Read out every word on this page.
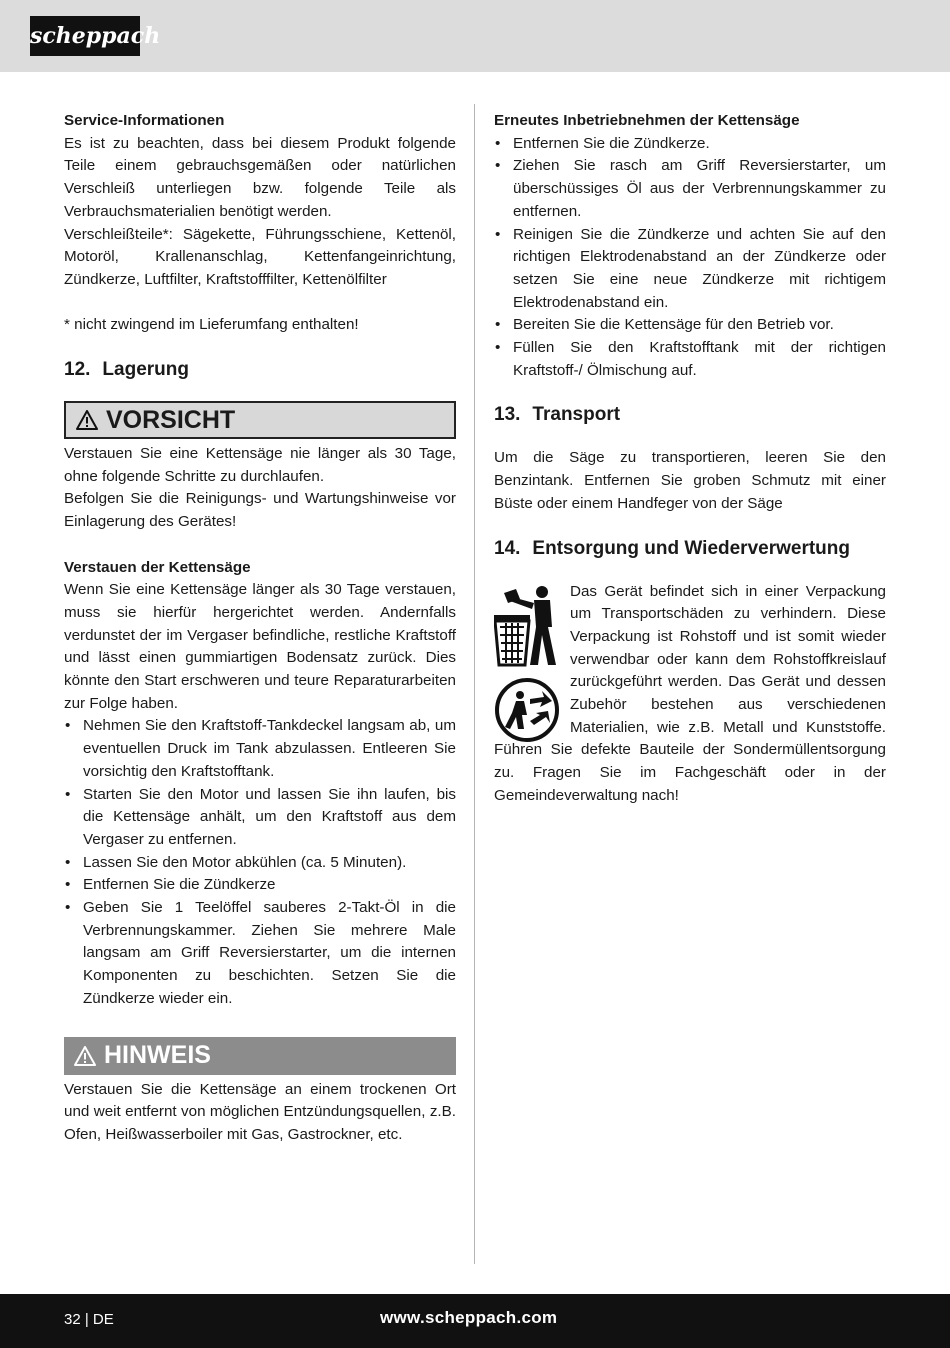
scheppach

Service-Informationen

Es ist zu beachten, dass bei diesem Produkt folgende Teile einem gebrauchsgemäßen oder natürlichen Verschleiß unterliegen bzw. folgende Teile als Verbrauchsmaterialien benötigt werden.

Verschleißteile*: Sägekette, Führungsschiene, Kettenöl, Motoröl, Krallenanschlag, Kettenfangeinrichtung, Zündkerze, Luftfilter, Kraftstofffilter, Kettenölfilter

* nicht zwingend im Lieferumfang enthalten!

12. Lagerung
VORSICHT

Verstauen Sie eine Kettensäge nie länger als 30 Tage, ohne folgende Schritte zu durchlaufen.

Befolgen Sie die Reinigungs- und Wartungshinweise vor Einlagerung des Gerätes!

Verstauen der Kettensäge

Wenn Sie eine Kettensäge länger als 30 Tage verstauen, muss sie hierfür hergerichtet werden. Andernfalls verdunstet der im Vergaser befindliche, restliche Kraftstoff und lässt einen gummiartigen Bodensatz zurück. Dies könnte den Start erschweren und teure Reparaturarbeiten zur Folge haben.

• Nehmen Sie den Kraftstoff-Tankdeckel langsam ab, um eventuellen Druck im Tank abzulassen. Entleeren Sie vorsichtig den Kraftstofftank.
• Starten Sie den Motor und lassen Sie ihn laufen, bis die Kettensäge anhält, um den Kraftstoff aus dem Vergaser zu entfernen.
• Lassen Sie den Motor abkühlen (ca. 5 Minuten).
• Entfernen Sie die Zündkerze
• Geben Sie 1 Teelöffel sauberes 2-Takt-Öl in die Verbrennungskammer. Ziehen Sie mehrere Male langsam am Griff Reversierstarter, um die internen Komponenten zu beschichten. Setzen Sie die Zündkerze wieder ein.
HINWEIS

Verstauen Sie die Kettensäge an einem trockenen Ort und weit entfernt von möglichen Entzündungsquellen, z.B. Ofen, Heißwasserboiler mit Gas, Gastrockner, etc.

Erneutes Inbetriebnehmen der Kettensäge

• Entfernen Sie die Zündkerze.
• Ziehen Sie rasch am Griff Reversierstarter, um überschüssiges Öl aus der Verbrennungskammer zu entfernen.
• Reinigen Sie die Zündkerze und achten Sie auf den richtigen Elektrodenabstand an der Zündkerze oder setzen Sie eine neue Zündkerze mit richtigem Elektrodenabstand ein.
• Bereiten Sie die Kettensäge für den Betrieb vor.
• Füllen Sie den Kraftstofftank mit der richtigen Kraftstoff-/ Ölmischung auf.
13. Transport

Um die Säge zu transportieren, leeren Sie den Benzintank. Entfernen Sie groben Schmutz mit einer Büste oder einem Handfeger von der Säge

14. Entsorgung und Wiederverwertung

Das Gerät befindet sich in einer Verpackung um Transportschäden zu verhindern. Diese Verpackung ist Rohstoff und ist somit wieder verwendbar oder kann dem Rohstoffkreislauf zurückgeführt werden. Das Gerät und dessen Zubehör bestehen aus verschiedenen Materialien, wie z.B. Metall und Kunststoffe. Führen Sie defekte Bauteile der Sondermüllentsorgung zu. Fragen Sie im Fachgeschäft oder in der Gemeindeverwaltung nach!

32 | DE	www.scheppach.com
